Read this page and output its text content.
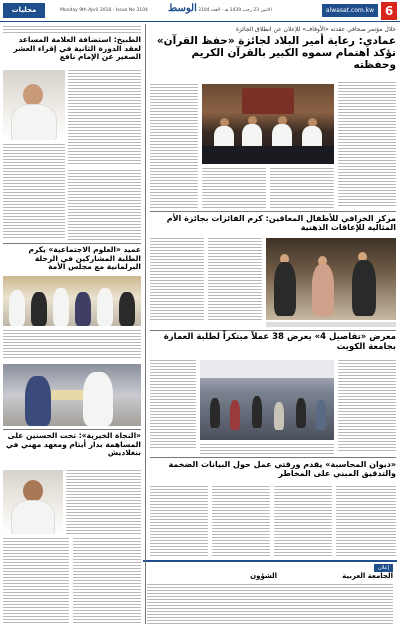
6
alwasat.com.kw
الاثنين 23 رجب 1439 هـ - العدد 3104
الوسط
Monday 9th April 2018 - Issue No 3104
محليات
خلال مؤتمر صحافي عقدته «الأوقاف» للإعلان عن انطلاق الجائزة
عمادي: رعاية أمير البلاد لجائزة «حفظ القرآن» تؤكد اهتمام سموه الكبير بالقرآن الكريم وحفظته
مركز الخرافي للأطفال المعاقين: كرم الفائزات بجائزة الأم المثالية للإعاقات الذهنية
معرض «تفاصيل 4» يعرض 38 عملاً مبتكراً لطلبة العمارة بجامعة الكويت
«ديوان المحاسبة» يقدم ورقتي عمل حول البيانات الضخمة والتدقيق المبني على المخاطر
إعلان
الجامعة العربية
الشؤون
الطبيخ: استضافة العلامة المساعد لعقد الدورة الثانية في إقراء العشر الصغير عن الإمام نافع
عميد «العلوم الاجتماعية» يكرم الطلبة المشاركين في الرحلة البرلمانية مع مجلس الأمة
«النجاة الخيرية»: تحت الحسنين على المساهمة بدار أيتام ومعهد مهني في بنغلاديش
